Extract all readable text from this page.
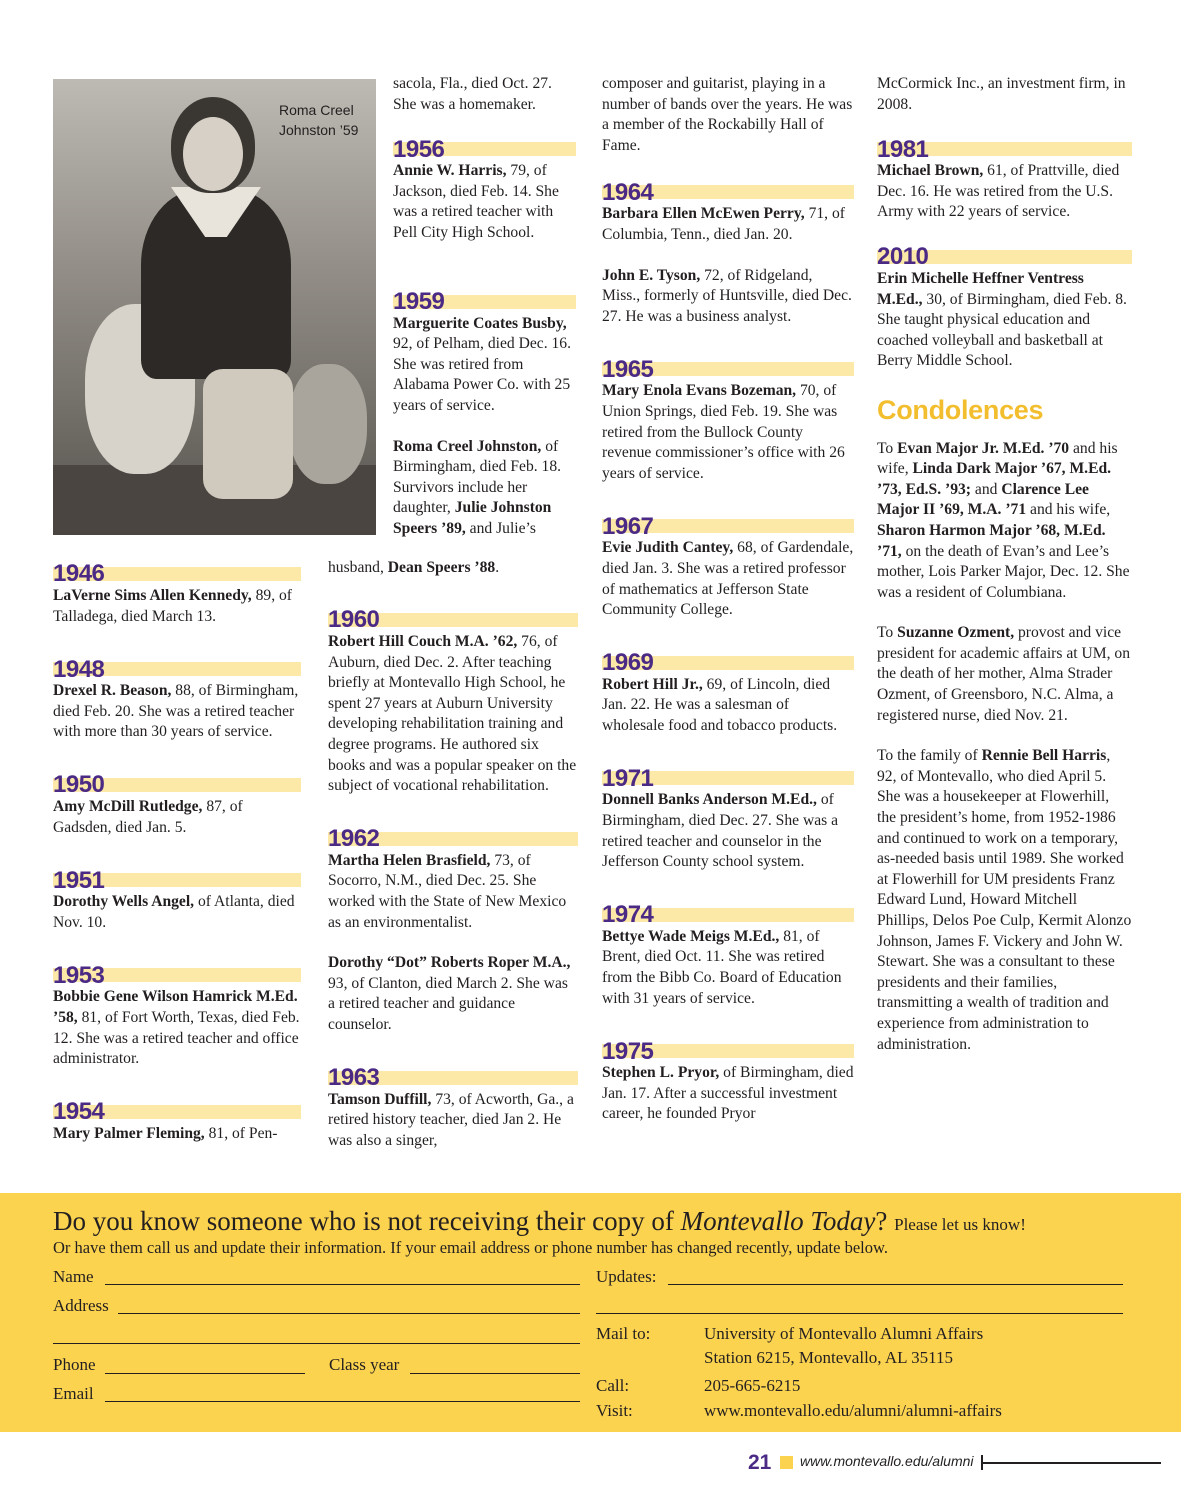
Roma Creel
Johnston ’59
1946
LaVerne Sims Allen Kennedy, 89, of Talladega, died March 13.
1948
Drexel R. Beason, 88, of Birmingham, died Feb. 20. She was a retired teacher with more than 30 years of service.
1950
Amy McDill Rutledge, 87, of Gadsden, died Jan. 5.
1951
Dorothy Wells Angel, of Atlanta, died Nov. 10.
1953
Bobbie Gene Wilson Hamrick M.Ed. ’58, 81, of Fort Worth, Texas, died Feb. 12. She was a retired teacher and office administrator.
1954
Mary Palmer Fleming, 81, of Pen-
sacola, Fla., died Oct. 27. She was a homemaker.
1956
Annie W. Harris, 79, of Jackson, died Feb. 14. She was a retired teacher with Pell City High School.
1959
Marguerite Coates Busby, 92, of Pelham, died Dec. 16. She was retired from Alabama Power Co. with 25 years of service.
Roma Creel Johnston, of Birmingham, died Feb. 18. Survivors include her daughter, Julie Johnston Speers ’89, and Julie’s
husband, Dean Speers ’88.
1960
Robert Hill Couch M.A. ’62, 76, of Auburn, died Dec. 2. After teaching briefly at Montevallo High School, he spent 27 years at Auburn University developing rehabilitation training and degree programs. He authored six books and was a popular speaker on the subject of vocational rehabilitation.
1962
Martha Helen Brasfield, 73, of Socorro, N.M., died Dec. 25. She worked with the State of New Mexico as an environmentalist.
Dorothy “Dot” Roberts Roper M.A., 93, of Clanton, died March 2. She was a retired teacher and guidance counselor.
1963
Tamson Duffill, 73, of Acworth, Ga., a retired history teacher, died Jan 2. He was also a singer,
composer and guitarist, playing in a number of bands over the years. He was a member of the Rockabilly Hall of Fame.
1964
Barbara Ellen McEwen Perry, 71, of Columbia, Tenn., died Jan. 20.
John E. Tyson, 72, of Ridgeland, Miss., formerly of Huntsville, died Dec. 27. He was a business analyst.
1965
Mary Enola Evans Bozeman, 70, of Union Springs, died Feb. 19. She was retired from the Bullock County revenue commissioner’s office with 26 years of service.
1967
Evie Judith Cantey, 68, of Gardendale, died Jan. 3. She was a retired professor of mathematics at Jefferson State Community College.
1969
Robert Hill Jr., 69, of Lincoln, died Jan. 22. He was a salesman of wholesale food and tobacco products.
1971
Donnell Banks Anderson M.Ed., of Birmingham, died Dec. 27. She was a retired teacher and counselor in the Jefferson County school system.
1974
Bettye Wade Meigs M.Ed., 81, of Brent, died Oct. 11. She was retired from the Bibb Co. Board of Education with 31 years of service.
1975
Stephen L. Pryor, of Birmingham, died Jan. 17. After a successful investment career, he founded Pryor
McCormick Inc., an investment firm, in 2008.
1981
Michael Brown, 61, of Prattville, died Dec. 16. He was retired from the U.S. Army with 22 years of service.
2010
Erin Michelle Heffner Ventress M.Ed., 30, of Birmingham, died Feb. 8. She taught physical education and coached volleyball and basketball at Berry Middle School.
Condolences
To Evan Major Jr. M.Ed. ’70 and his wife, Linda Dark Major ’67, M.Ed. ’73, Ed.S. ’93; and Clarence Lee Major II ’69, M.A. ’71 and his wife, Sharon Harmon Major ’68, M.Ed. ’71, on the death of Evan’s and Lee’s mother, Lois Parker Major, Dec. 12. She was a resident of Columbiana.
To Suzanne Ozment, provost and vice president for academic affairs at UM, on the death of her mother, Alma Strader Ozment, of Greensboro, N.C. Alma, a registered nurse, died Nov. 21.
To the family of Rennie Bell Harris, 92, of Montevallo, who died April 5. She was a housekeeper at Flowerhill, the president’s home, from 1952-1986 and continued to work on a temporary, as-needed basis until 1989. She worked at Flowerhill for UM presidents Franz Edward Lund, Howard Mitchell Phillips, Delos Poe Culp, Kermit Alonzo Johnson, James F. Vickery and John W. Stewart. She was a consultant to these presidents and their families, transmitting a wealth of tradition and experience from administration to administration.
Do you know someone who is not receiving their copy of Montevallo Today? Please let us know!
Or have them call us and update their information. If your email address or phone number has changed recently, update below.
Name
Address
Phone	Class year
Email
Updates:
Mail to:	University of Montevallo Alumni Affairs
Station 6215, Montevallo, AL 35115
Call:	205-665-6215
Visit:	www.montevallo.edu/alumni/alumni-affairs
21 www.montevallo.edu/alumni
